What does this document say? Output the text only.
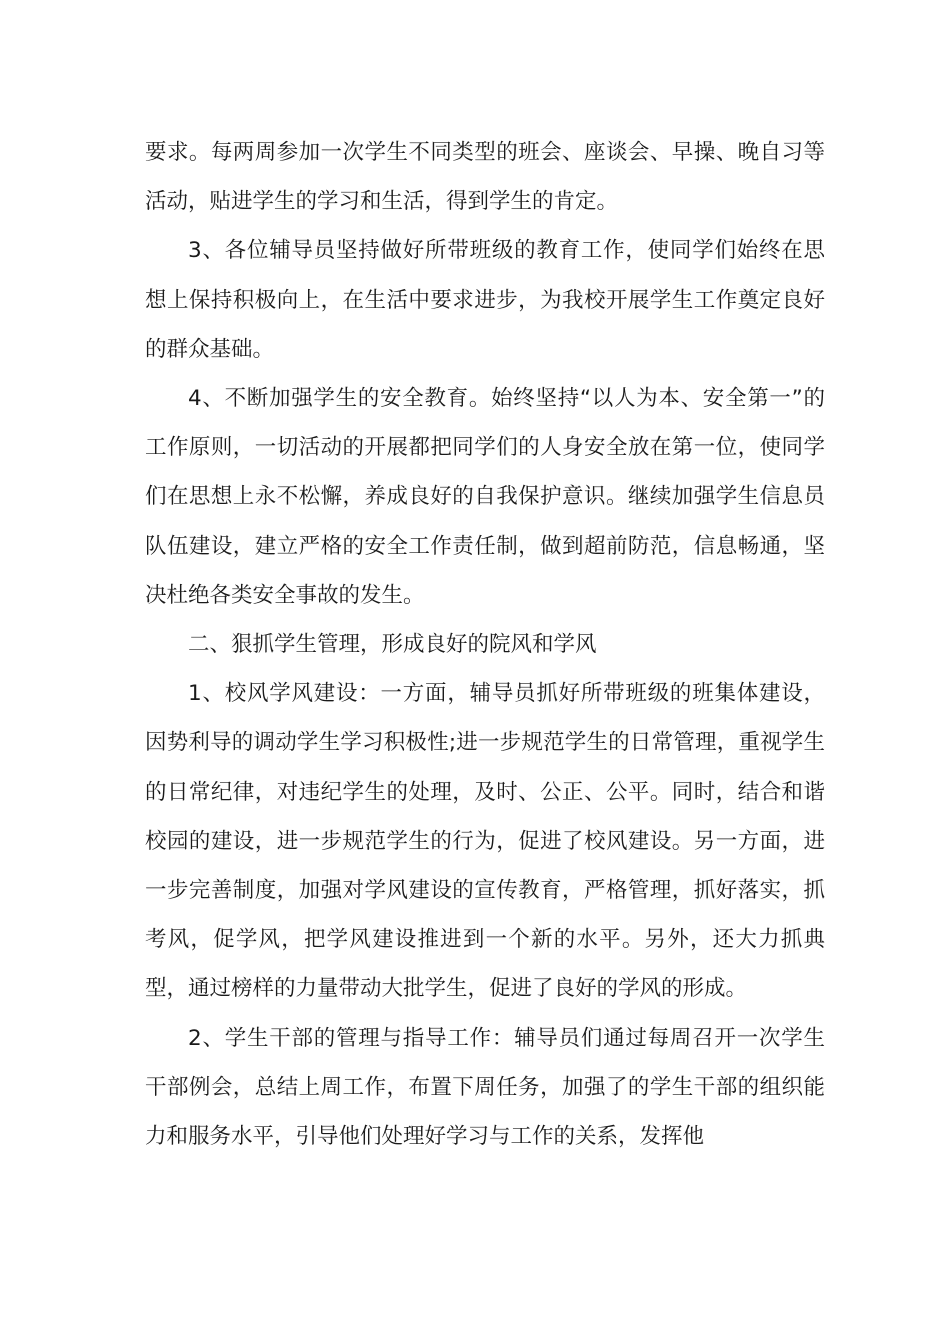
要求。每两周参加一次学生不同类型的班会、座谈会、早操、晚自习等活动，贴进学生的学习和生活，得到学生的肯定。

3、各位辅导员坚持做好所带班级的教育工作，使同学们始终在思想上保持积极向上，在生活中要求进步，为我校开展学生工作奠定良好的群众基础。

4、不断加强学生的安全教育。始终坚持“以人为本、安全第一”的工作原则，一切活动的开展都把同学们的人身安全放在第一位，使同学们在思想上永不松懈，养成良好的自我保护意识。继续加强学生信息员队伍建设，建立严格的安全工作责任制，做到超前防范，信息畅通，坚决杜绝各类安全事故的发生。

二、狠抓学生管理，形成良好的院风和学风

1、校风学风建设：一方面，辅导员抓好所带班级的班集体建设，因势利导的调动学生学习积极性;进一步规范学生的日常管理，重视学生的日常纪律，对违纪学生的处理，及时、公正、公平。同时，结合和谐校园的建设，进一步规范学生的行为，促进了校风建设。另一方面，进一步完善制度，加强对学风建设的宣传教育，严格管理，抓好落实，抓考风，促学风，把学风建设推进到一个新的水平。另外，还大力抓典型，通过榜样的力量带动大批学生，促进了良好的学风的形成。

2、学生干部的管理与指导工作：辅导员们通过每周召开一次学生干部例会，总结上周工作，布置下周任务，加强了的学生干部的组织能力和服务水平，引导他们处理好学习与工作的关系，发挥他
